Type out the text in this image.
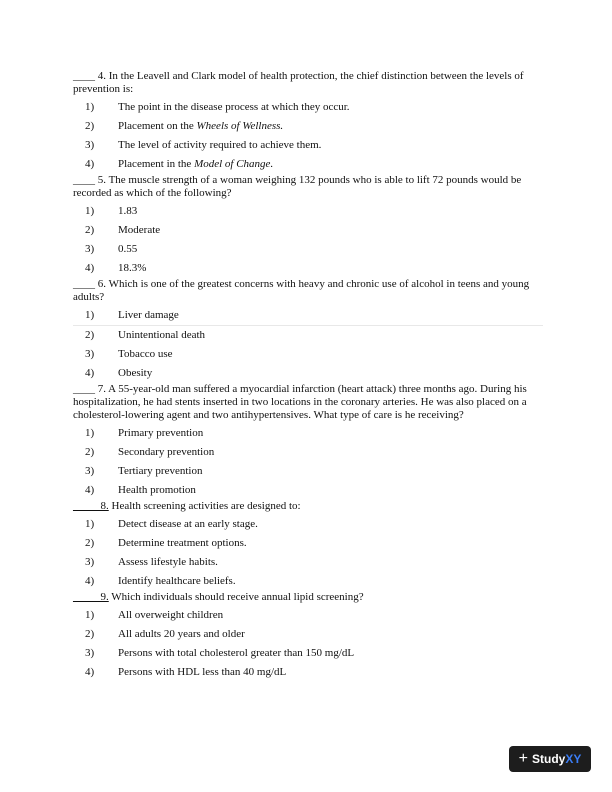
____ 4. In the Leavell and Clark model of health protection, the chief distinction between the levels of prevention is:
1)	The point in the disease process at which they occur.
2)	Placement on the Wheels of Wellness.
3)	The level of activity required to achieve them.
4)	Placement in the Model of Change.
____ 5. The muscle strength of a woman weighing 132 pounds who is able to lift 72 pounds would be recorded as which of the following?
1)	1.83
2)	Moderate
3)	0.55
4)	18.3%
____ 6. Which is one of the greatest concerns with heavy and chronic use of alcohol in teens and young adults?
1)	Liver damage
2)	Unintentional death
3)	Tobacco use
4)	Obesity
____ 7. A 55-year-old man suffered a myocardial infarction (heart attack) three months ago. During his hospitalization, he had stents inserted in two locations in the coronary arteries. He was also placed on a cholesterol-lowering agent and two antihypertensives. What type of care is he receiving?
1)	Primary prevention
2)	Secondary prevention
3)	Tertiary prevention
4)	Health promotion
_____8. Health screening activities are designed to:
1)	Detect disease at an early stage.
2)	Determine treatment options.
3)	Assess lifestyle habits.
4)	Identify healthcare beliefs.
_____9. Which individuals should receive annual lipid screening?
1)	All overweight children
2)	All adults 20 years and older
3)	Persons with total cholesterol greater than 150 mg/dL
4)	Persons with HDL less than 40 mg/dL
+ Study XY
